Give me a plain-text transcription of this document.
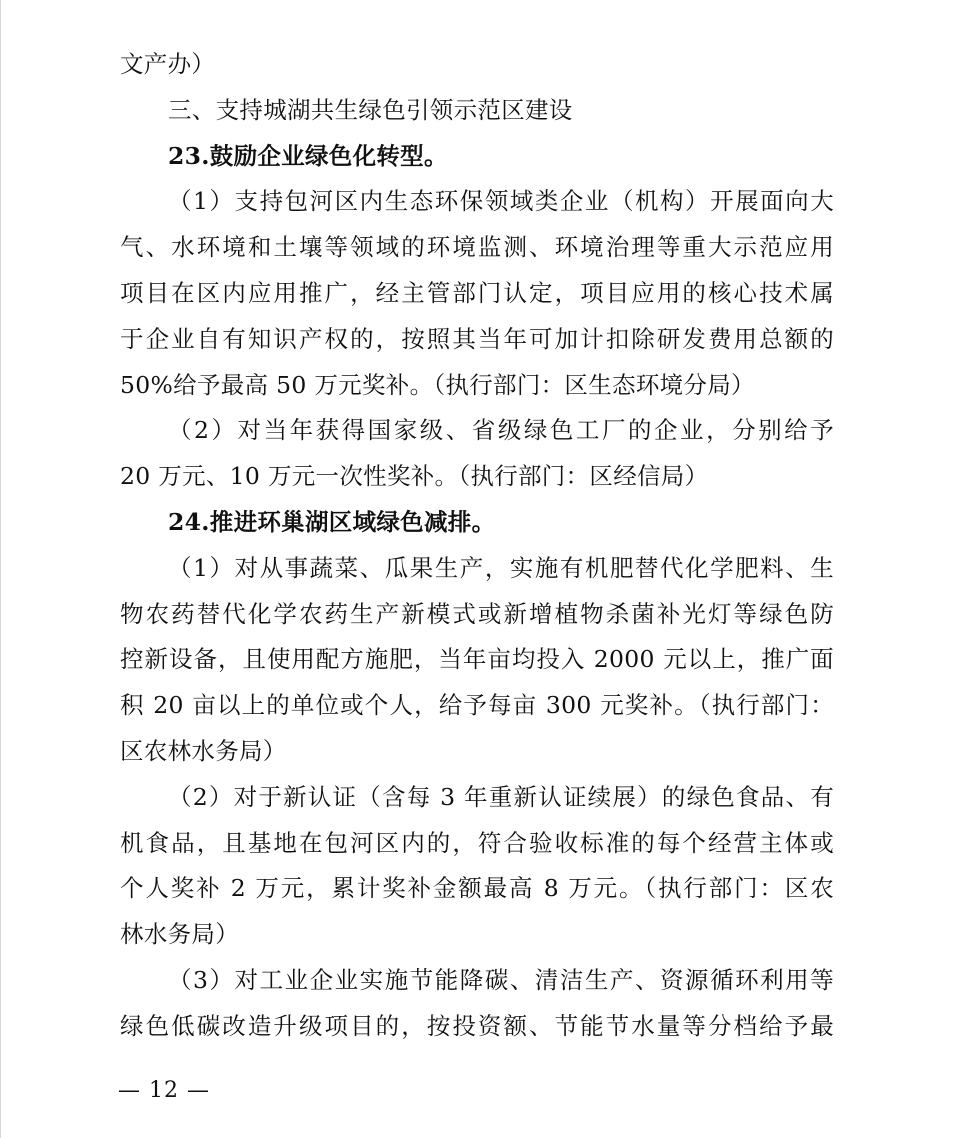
文产办）
三、支持城湖共生绿色引领示范区建设
23.鼓励企业绿色化转型。
（1）支持包河区内生态环保领域类企业（机构）开展面向大
气、水环境和土壤等领域的环境监测、环境治理等重大示范应用
项目在区内应用推广，经主管部门认定，项目应用的核心技术属
于企业自有知识产权的，按照其当年可加计扣除研发费用总额的
50%给予最高 50 万元奖补。（执行部门：区生态环境分局）
（2）对当年获得国家级、省级绿色工厂的企业，分别给予
20 万元、10 万元一次性奖补。（执行部门：区经信局）
24.推进环巢湖区域绿色减排。
（1）对从事蔬菜、瓜果生产，实施有机肥替代化学肥料、生
物农药替代化学农药生产新模式或新增植物杀菌补光灯等绿色防
控新设备，且使用配方施肥，当年亩均投入 2000 元以上，推广面
积 20 亩以上的单位或个人，给予每亩 300 元奖补。（执行部门：
区农林水务局）
（2）对于新认证（含每 3 年重新认证续展）的绿色食品、有
机食品，且基地在包河区内的，符合验收标准的每个经营主体或
个人奖补 2 万元，累计奖补金额最高 8 万元。（执行部门：区农
林水务局）
（3）对工业企业实施节能降碳、清洁生产、资源循环利用等
绿色低碳改造升级项目的，按投资额、节能节水量等分档给予最
— 12 —
